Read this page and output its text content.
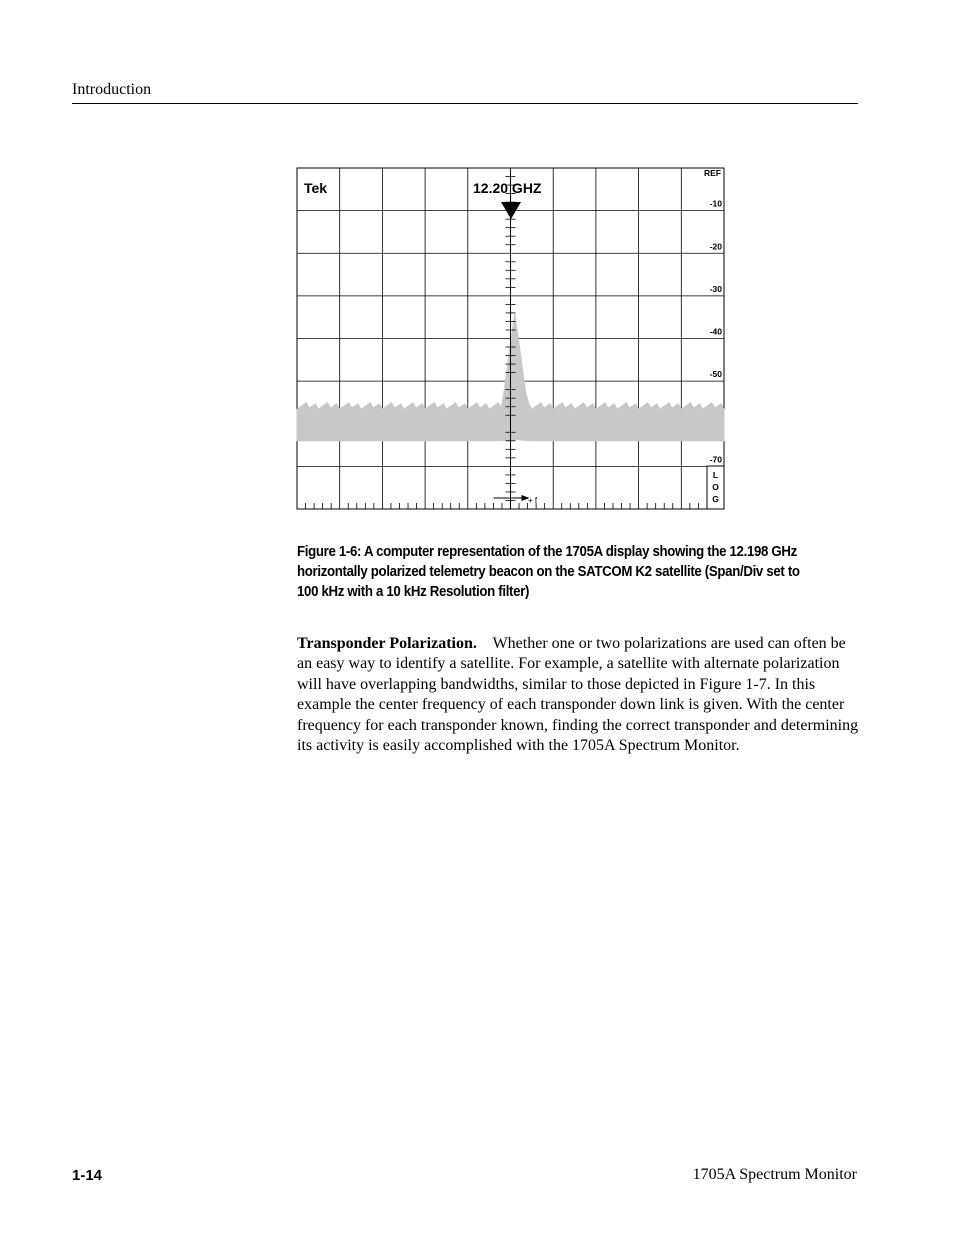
Introduction
Tek	12.20 GHZ
REF
-10
-20
-30
-40
-50
-70
L
O
G
+ f
Figure 1-6: A computer representation of the 1705A display showing the 12.198 GHz horizontally polarized telemetry beacon on the SATCOM K2 satellite (Span/Div set to 100 kHz with a 10 kHz Resolution filter)
Transponder Polarization. Whether one or two polarizations are used can often be an easy way to identify a satellite. For example, a satellite with alternate polarization will have overlapping bandwidths, similar to those depicted in Figure 1-7. In this example the center frequency of each transponder down link is given. With the center frequency for each transponder known, finding the correct transponder and determining its activity is easily accomplished with the 1705A Spectrum Monitor.
1-14	1705A Spectrum Monitor
